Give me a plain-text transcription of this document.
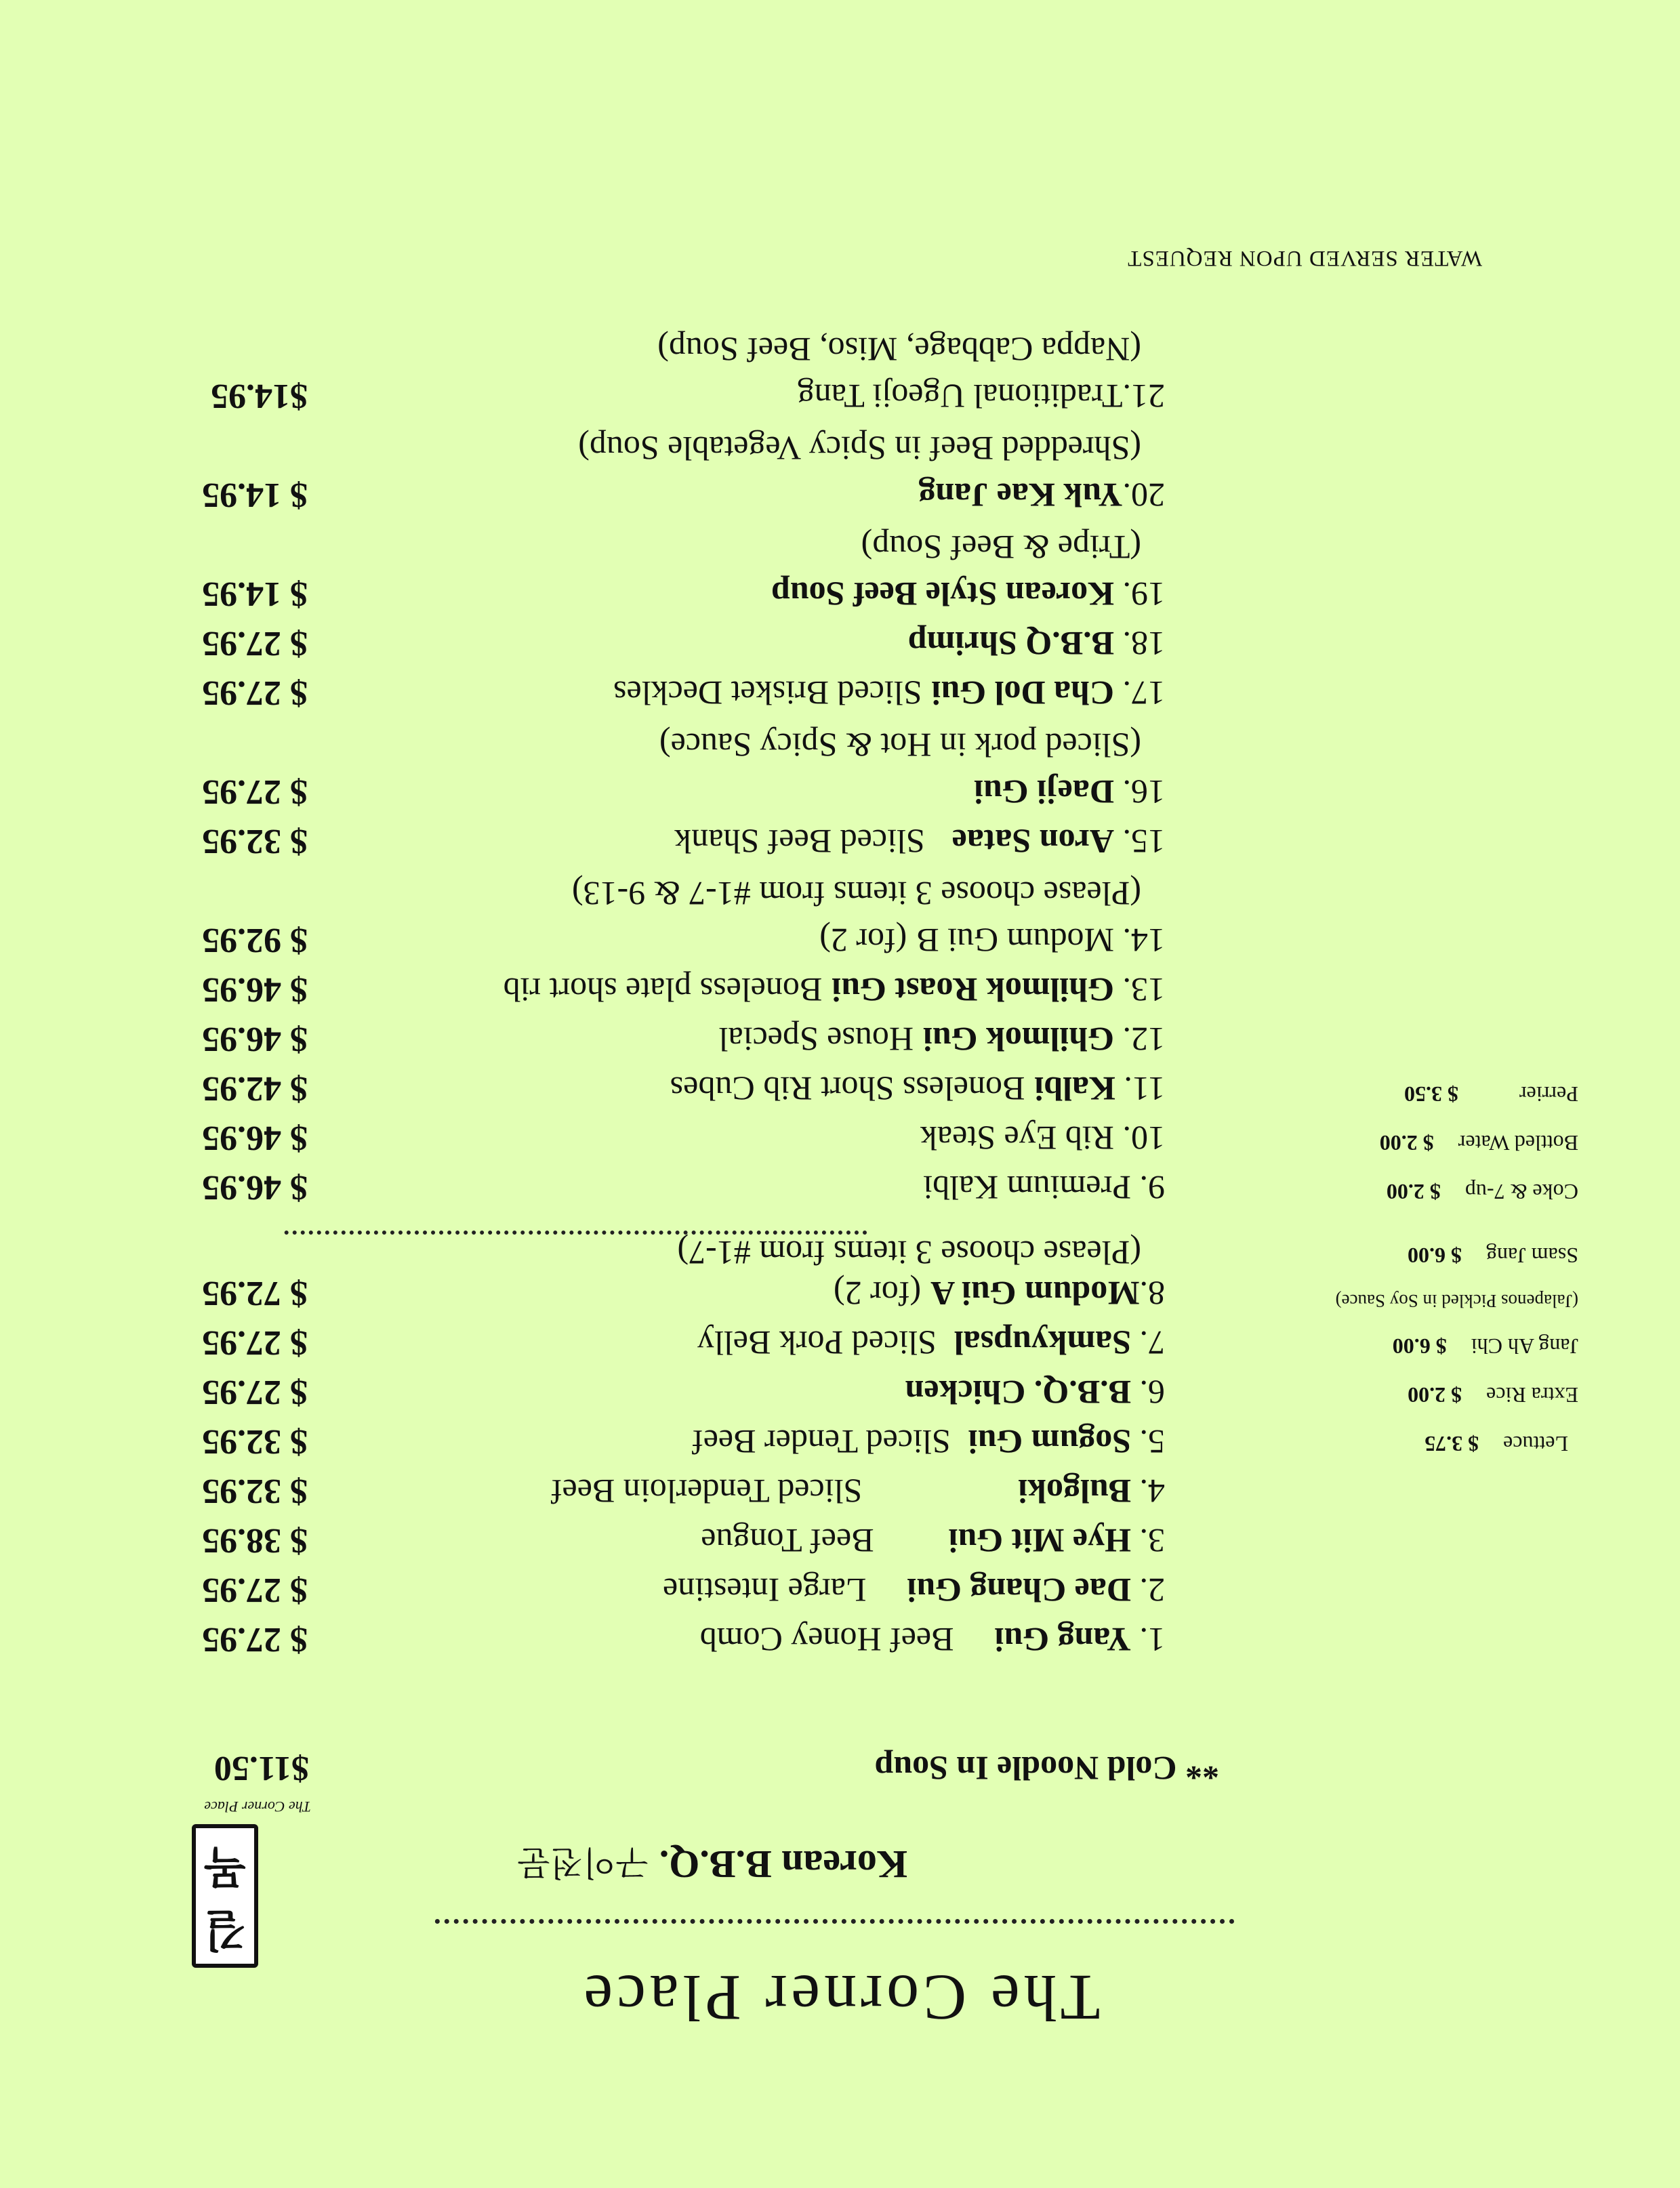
길
목
The Corner Place
The Corner Place
Korean B.B.Q.구이전문
** Cold Noodle In Soup
$11.50
1. Yang GuiBeef Honey Comb
$ 27.95
2. Dae Chang GuiLarge Intestine
$ 27.95
3. Hye Mit GuiBeef Tongue
$ 38.95
4. BulgokiSliced Tenderloin Beef
$ 32.95
5. Sogum GuiSliced Tender Beef
$ 32.95
6. B.B.Q. Chicken
$ 27.95
7. SamkyupsalSliced Pork Belly
$ 27.95
8.Modum Gui A(for 2)
$ 72.95
(Please choose 3 items from #1-7)
9. Premium Kalbi
$ 46.95
10. Rib Eye Steak
$ 46.95
11. KalbiBoneless Short Rib Cubes
$ 42.95
12. Ghilmok GuiHouse Special
$ 46.95
13. Ghilmok Roast GuiBoneless plate short rib
$ 46.95
14. Modum Gui B(for 2)
$ 92.95
(Please choose 3 items from #1-7 & 9-13)
15. Aron SataeSliced Beef Shank
$ 32.95
16. Daeji Gui
$ 27.95
(Sliced pork in Hot & Spicy Sauce)
17. Cha Dol GuiSliced Brisket Deckles
$ 27.95
18. B.B.Q Shrimp
$ 27.95
19. Korean Style Beef Soup
$ 14.95
(Tripe & Beef Soup)
20.Yuk Kae Jang
$ 14.95
(Shredded Beef in Spicy Vegetable Soup)
21.Traditional Ugeoji Tang
$14.95
(Nappa Cabbage, Miso, Beef Soup)
Lettuce$ 3.75
Extra Rice$ 2.00
Jang Ah Chi$ 6.00
(Jalapenos Pickled in Soy Sauce)
Ssam Jang$ 6.00
Coke & 7-up$ 2.00
Bottled Water$ 2.00
Perrier$ 3.50
WATER SERVED UPON REQUEST
